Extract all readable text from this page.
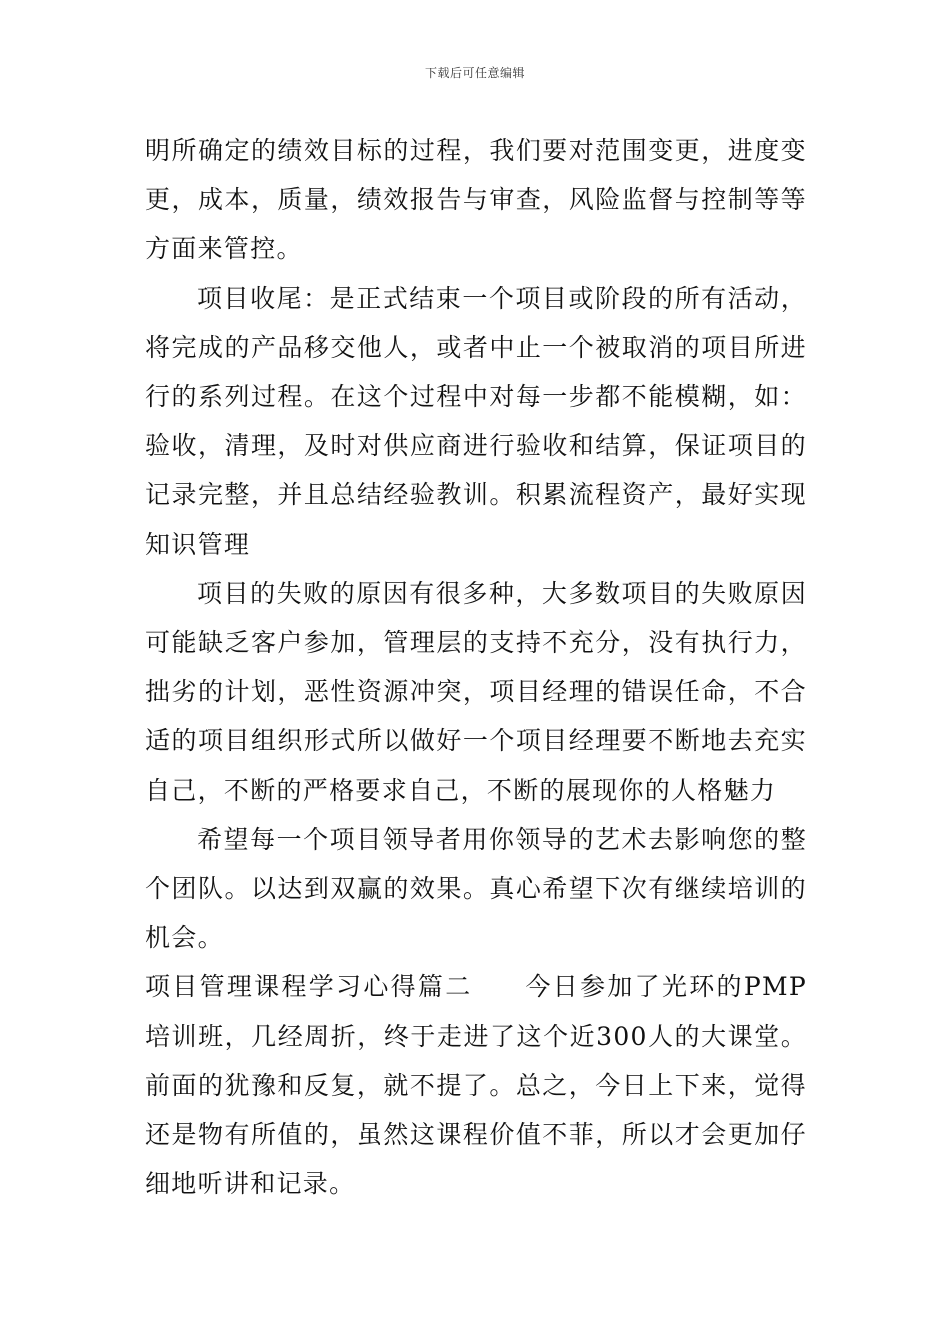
下载后可任意编辑

明所确定的绩效目标的过程，我们要对范围变更，进度变更，成本，质量，绩效报告与审查，风险监督与控制等等方面来管控。

项目收尾：是正式结束一个项目或阶段的所有活动，将完成的产品移交他人，或者中止一个被取消的项目所进行的系列过程。在这个过程中对每一步都不能模糊，如：验收，清理，及时对供应商进行验收和结算，保证项目的记录完整，并且总结经验教训。积累流程资产，最好实现知识管理

项目的失败的原因有很多种，大多数项目的失败原因可能缺乏客户参加，管理层的支持不充分，没有执行力，拙劣的计划，恶性资源冲突，项目经理的错误任命，不合适的项目组织形式所以做好一个项目经理要不断地去充实自己，不断的严格要求自己，不断的展现你的人格魅力

希望每一个项目领导者用你领导的艺术去影响您的整个团队。以达到双赢的效果。真心希望下次有继续培训的机会。

项目管理课程学习心得篇二 今日参加了光环的PMP培训班，几经周折，终于走进了这个近300人的大课堂。前面的犹豫和反复，就不提了。总之，今日上下来，觉得还是物有所值的，虽然这课程价值不菲，所以才会更加仔细地听讲和记录。
